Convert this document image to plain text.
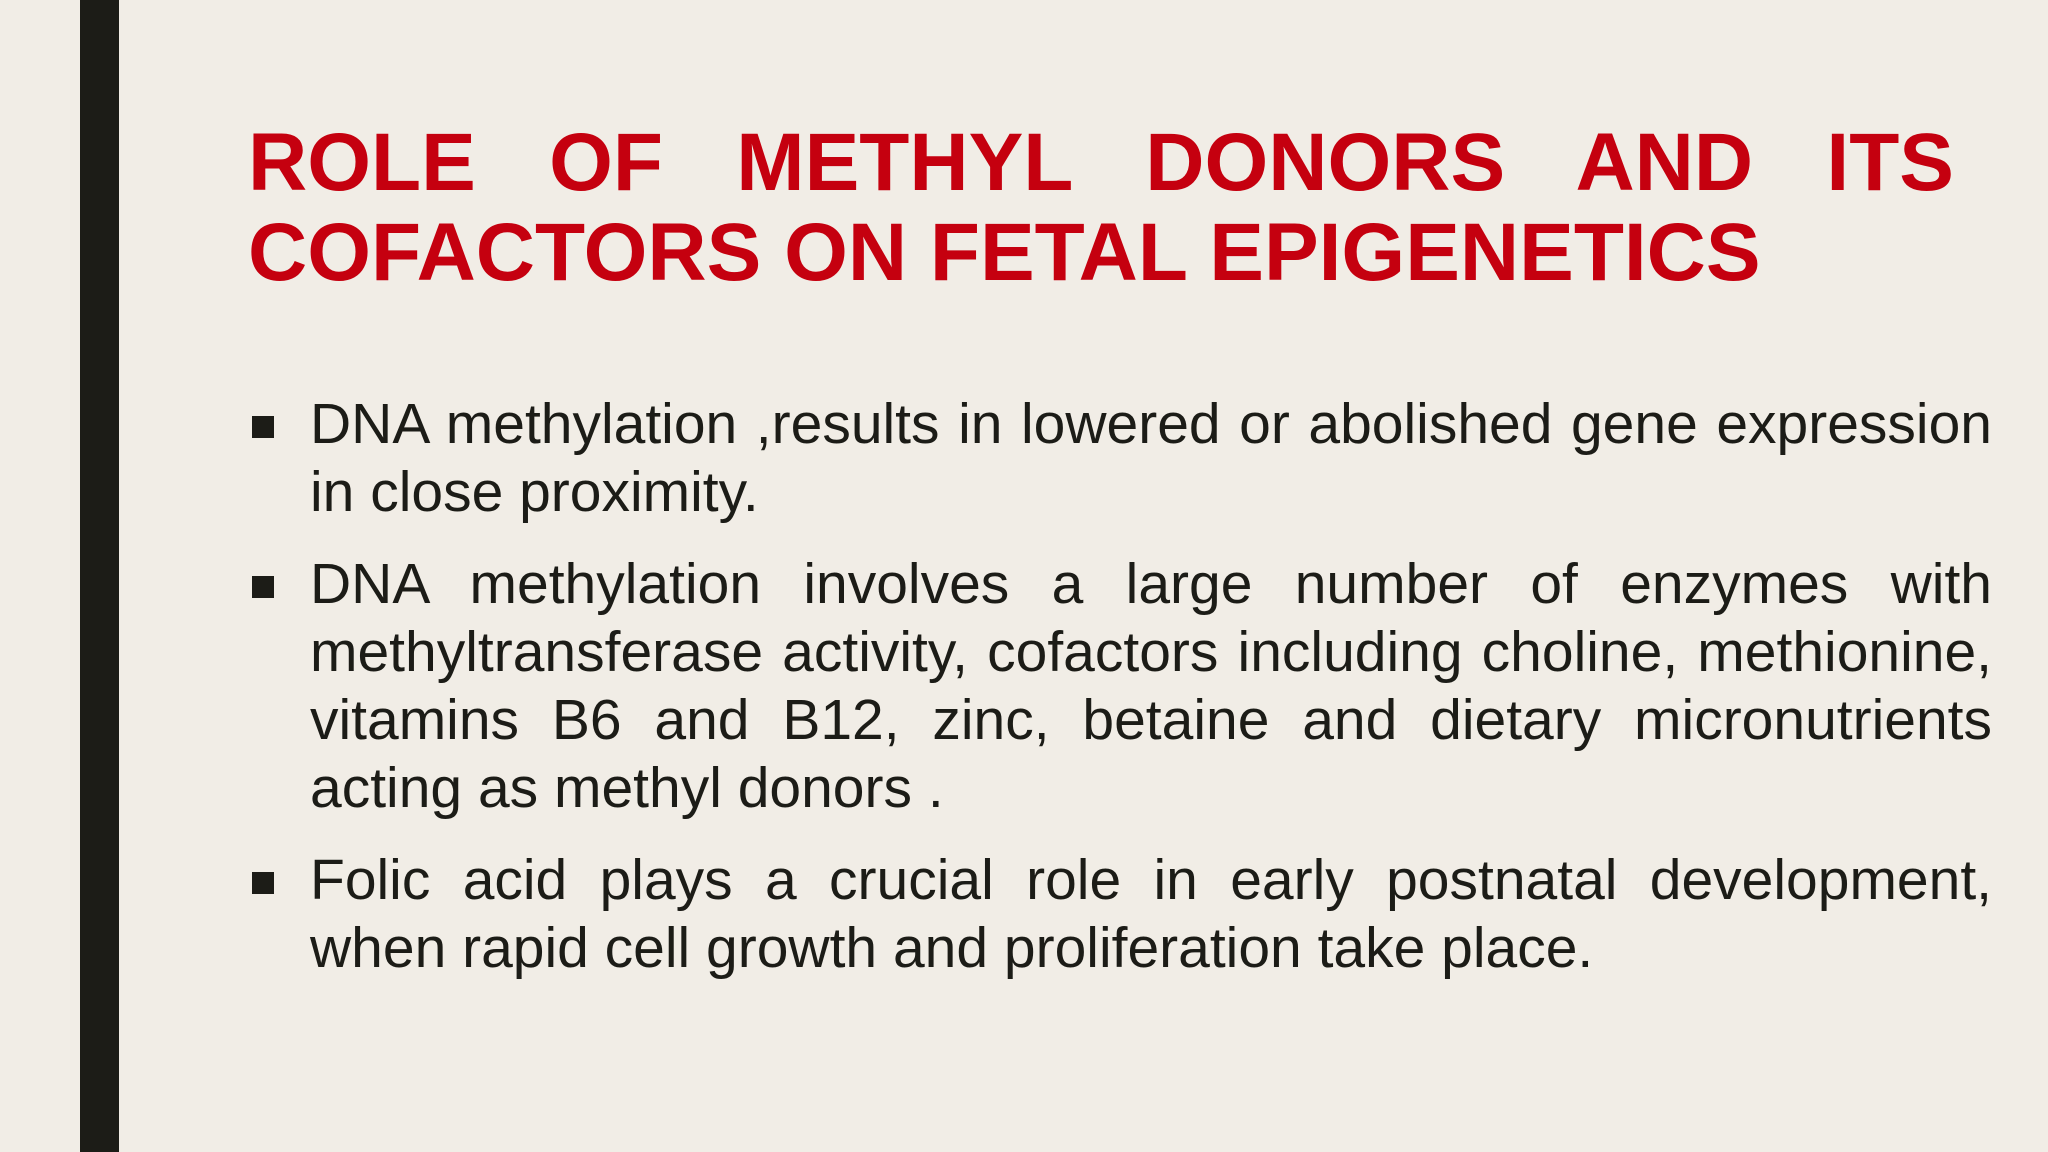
ROLE OF METHYL DONORS AND ITS COFACTORS ON FETAL EPIGENETICS
DNA methylation ,results in lowered or abolished gene expression in close proximity.
DNA methylation involves a large number of enzymes with methyltransferase activity, cofactors including choline, methionine, vitamins B6 and B12, zinc, betaine and dietary micronutrients acting as methyl donors .
Folic acid plays a crucial role in early postnatal development, when rapid cell growth and proliferation take place.
